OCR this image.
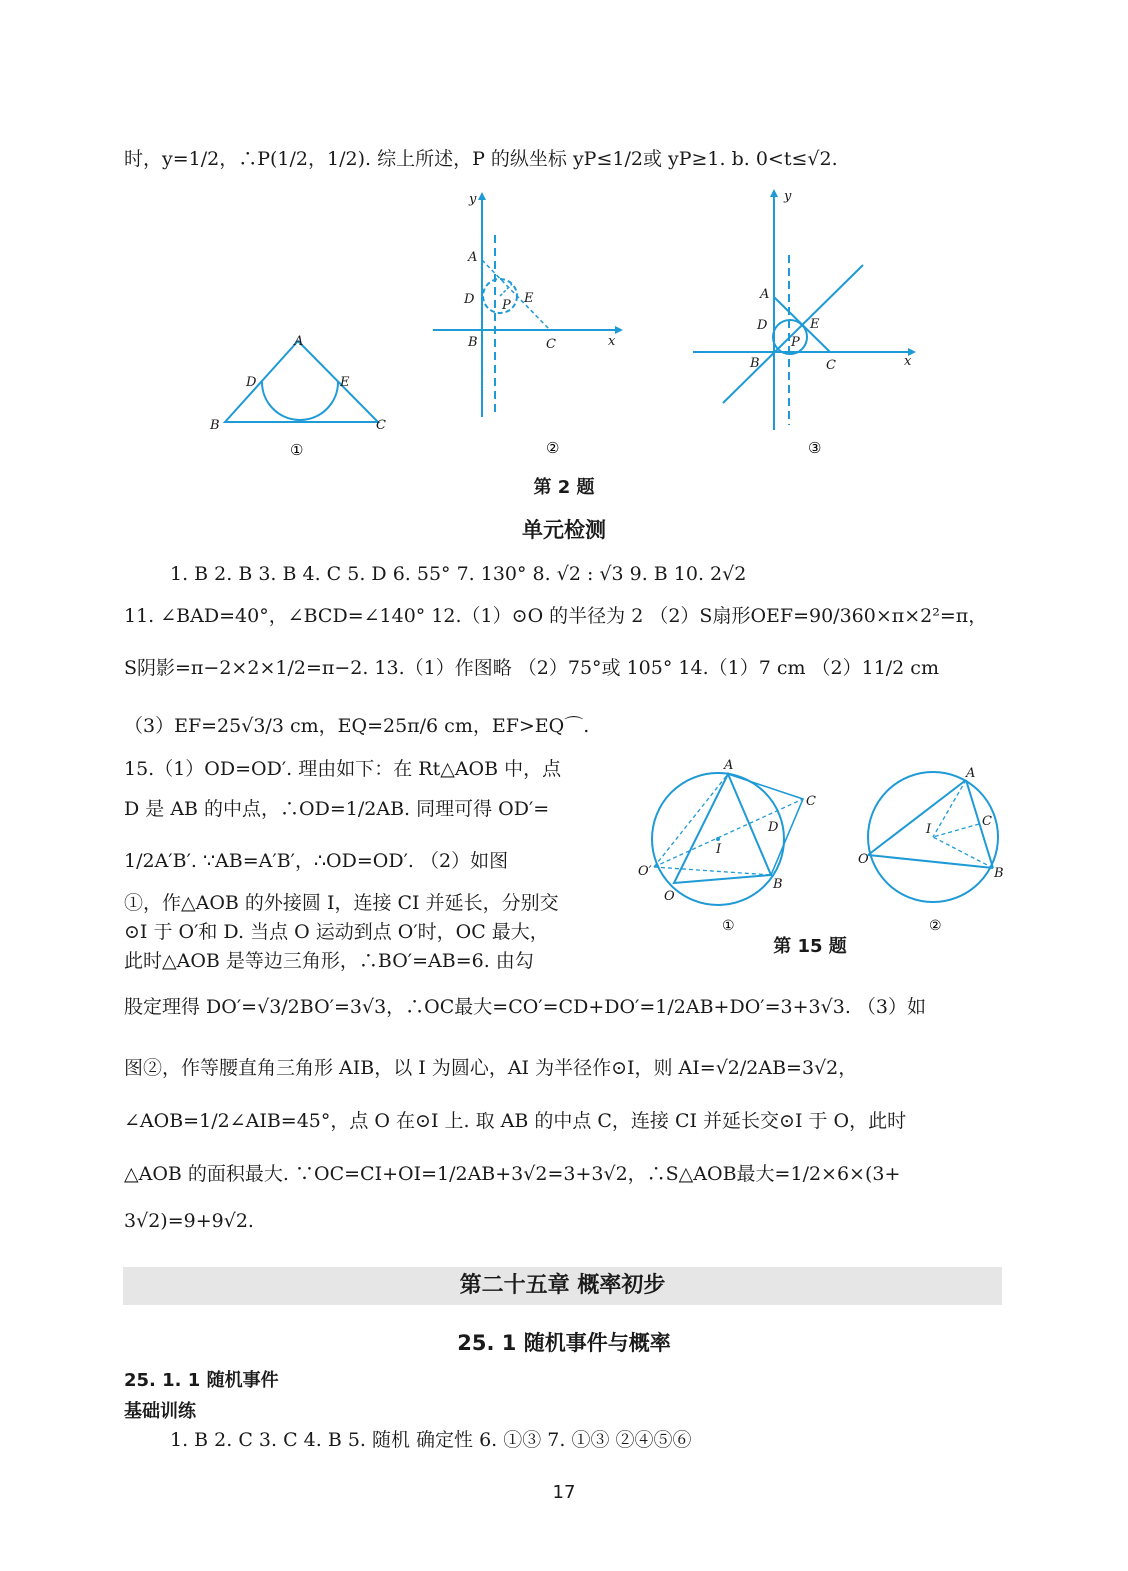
时，y=1/2，∴P(1/2，1/2). 综上所述，P 的纵坐标 yP≤1/2或 yP≥1. b. 0<t≤√2.
A
D	E
B	C
①
y
A
D P E
B	C	x
②
y
A
D	E
P
B	C	x
③
第 2 题
单元检测
1. B 2. B 3. B 4. C 5. D 6. 55° 7. 130° 8. √2 : √3 9. B 10. 2√2
11. ∠BAD=40°，∠BCD=∠140° 12.（1）⊙O 的半径为 2 （2）S扇形OEF=90/360×π×2²=π，
S阴影=π−2×2×1/2=π−2. 13.（1）作图略 （2）75°或 105° 14.（1）7 cm （2）11/2 cm
（3）EF=25√3/3 cm，EQ=25π/6 cm，EF>EQ⌒.
15.（1）OD=OD′. 理由如下：在 Rt△AOB 中，点
D 是 AB 的中点，∴OD=1/2AB. 同理可得 OD′=
1/2A′B′. ∵AB=A′B′，∴OD=OD′. （2）如图
①，作△AOB 的外接圆 I，连接 CI 并延长，分别交
⊙I 于 O′和 D. 当点 O 运动到点 O′时，OC 最大，
此时△AOB 是等边三角形，∴BO′=AB=6. 由勾
A
C
D
I
O′
O
B
①
A
C
I
O
B
②
第 15 题
股定理得 DO′=√3/2BO′=3√3，∴OC最大=CO′=CD+DO′=1/2AB+DO′=3+3√3. （3）如
图②，作等腰直角三角形 AIB，以 I 为圆心，AI 为半径作⊙I，则 AI=√2/2AB=3√2，
∠AOB=1/2∠AIB=45°，点 O 在⊙I 上. 取 AB 的中点 C，连接 CI 并延长交⊙I 于 O，此时
△AOB 的面积最大. ∵OC=CI+OI=1/2AB+3√2=3+3√2，∴S△AOB最大=1/2×6×(3+
3√2)=9+9√2.
第二十五章 概率初步
25. 1 随机事件与概率
25. 1. 1 随机事件
基础训练
1. B 2. C 3. C 4. B 5. 随机 确定性 6. ①③ 7. ①③ ②④⑤⑥
17
